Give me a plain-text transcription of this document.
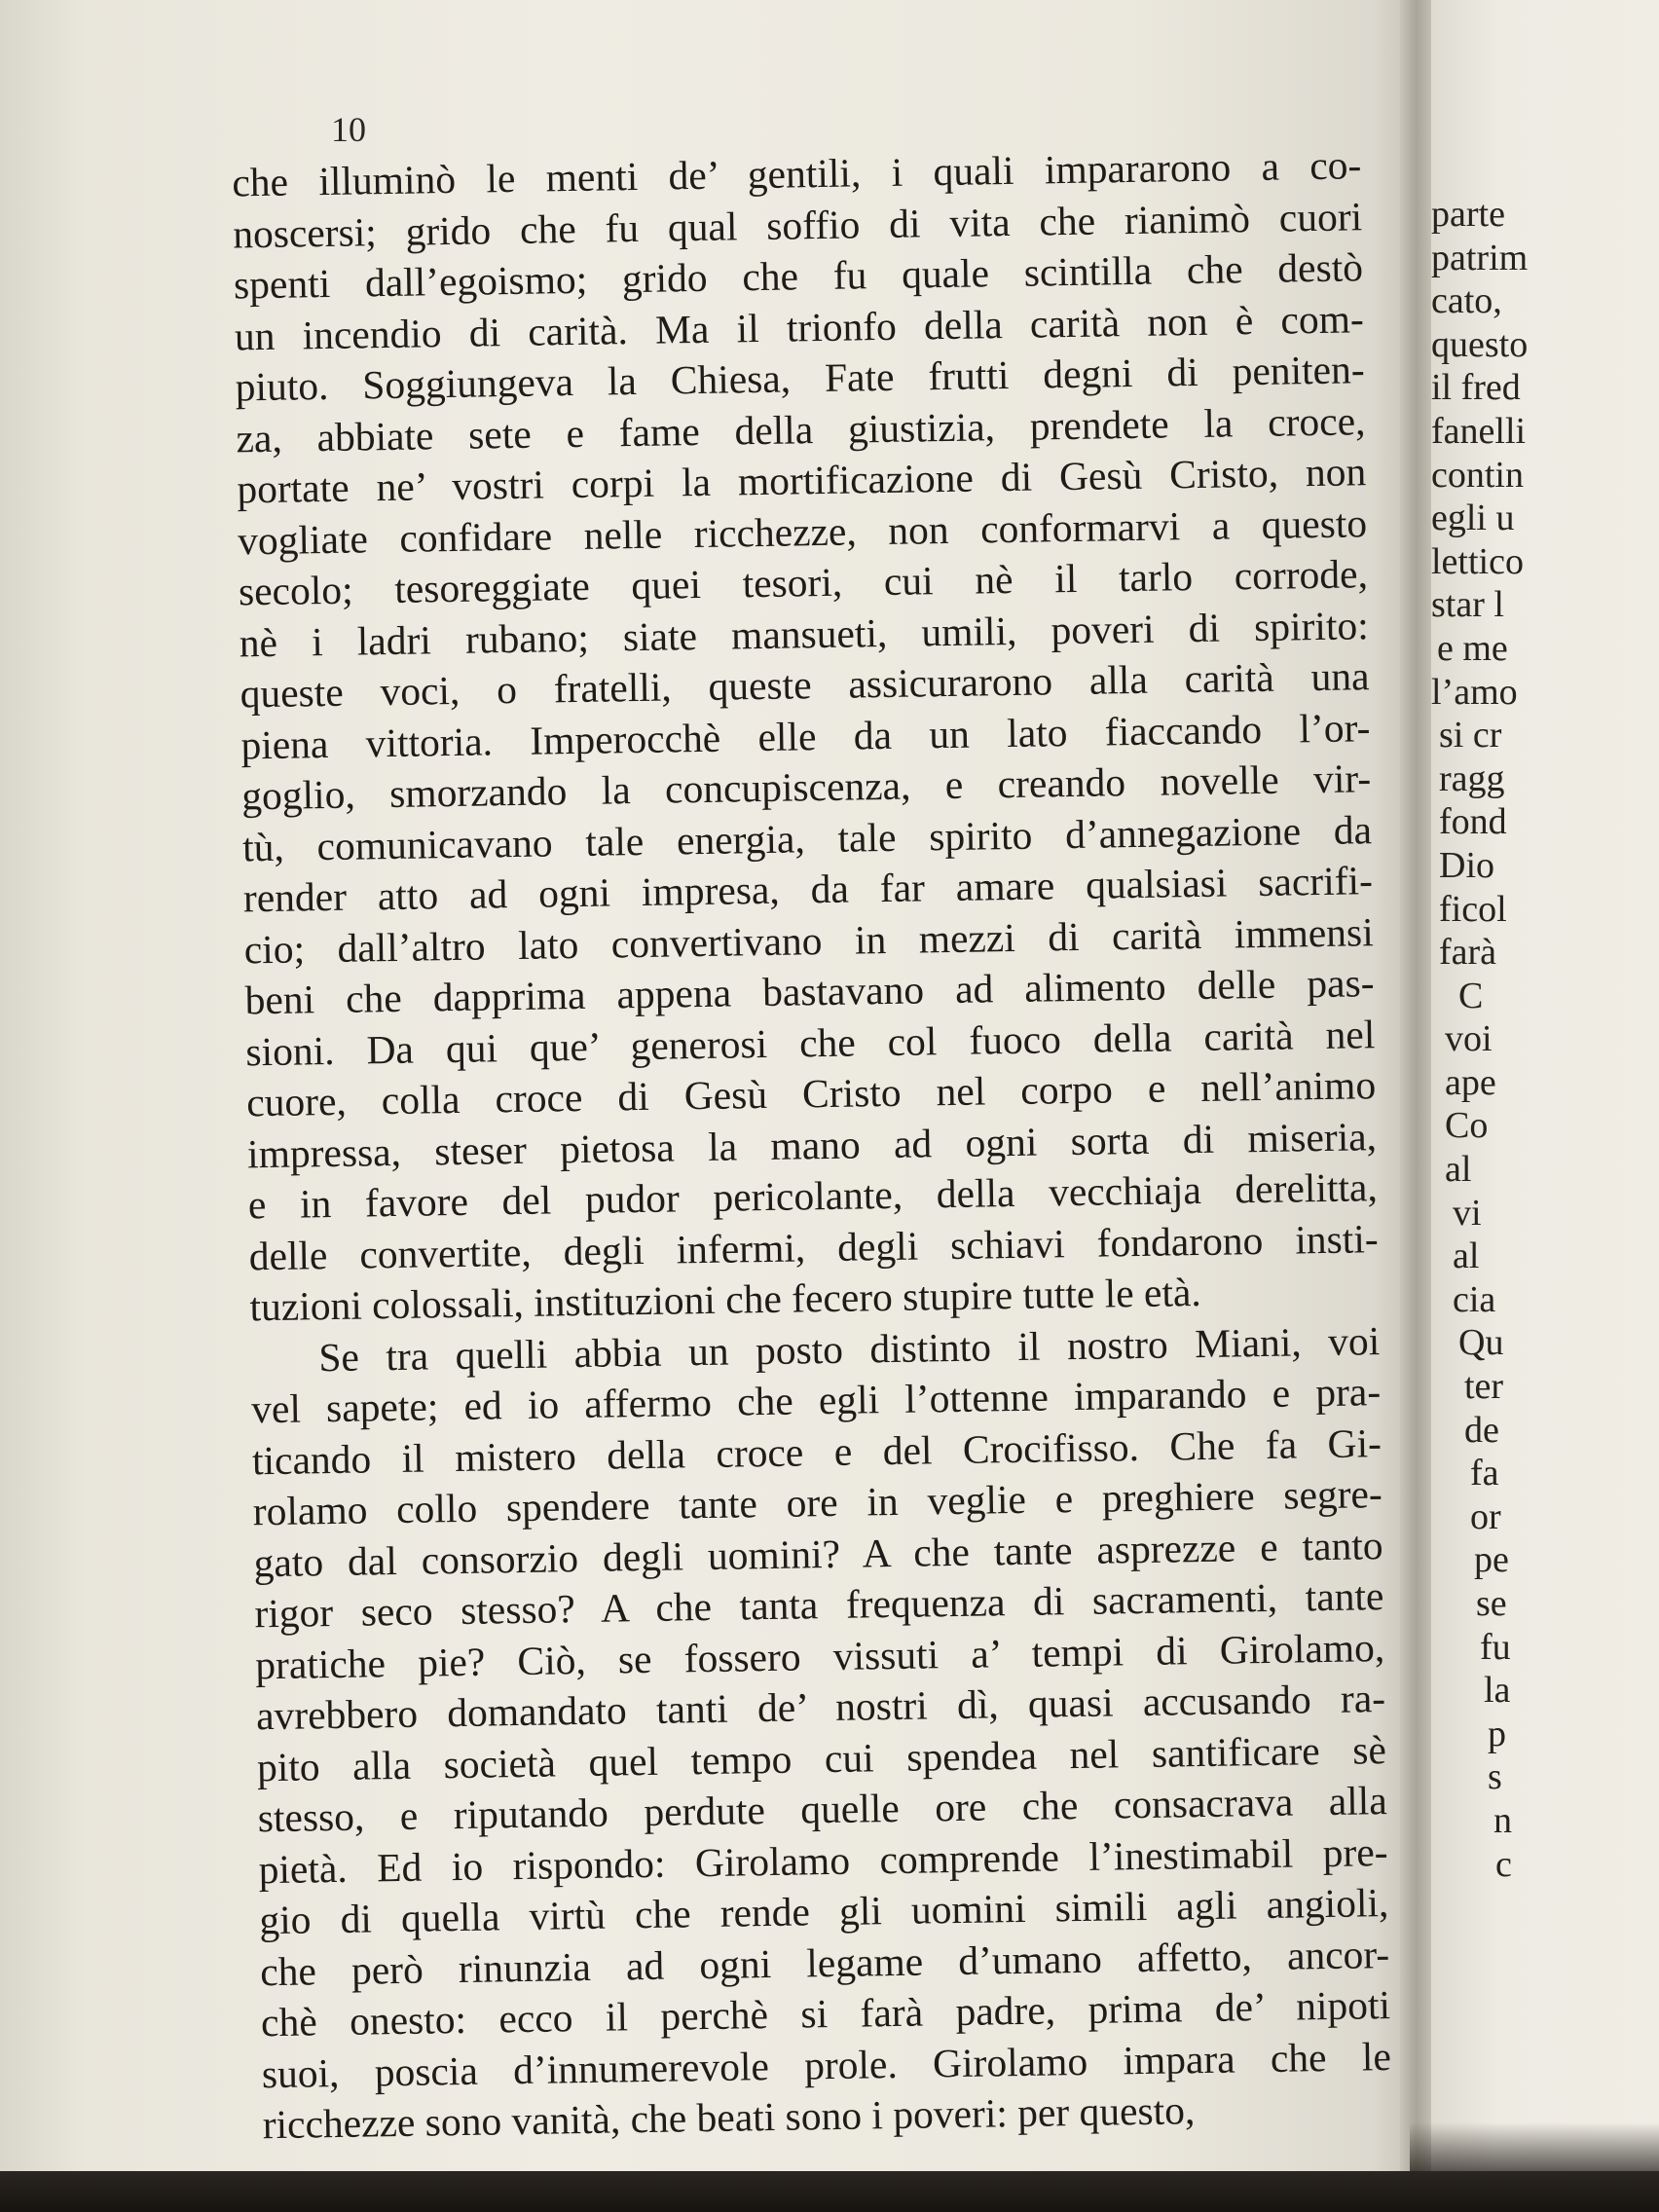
10
che illuminò le menti de’ gentili, i quali impararono a co-
noscersi; grido che fu qual soffio di vita che rianimò cuori
spenti dall’egoismo; grido che fu quale scintilla che destò
un incendio di carità. Ma il trionfo della carità non è com-
piuto. Soggiungeva la Chiesa, Fate frutti degni di peniten-
za, abbiate sete e fame della giustizia, prendete la croce,
portate ne’ vostri corpi la mortificazione di Gesù Cristo, non
vogliate confidare nelle ricchezze, non conformarvi a questo
secolo; tesoreggiate quei tesori, cui nè il tarlo corrode,
nè i ladri rubano; siate mansueti, umili, poveri di spirito:
queste voci, o fratelli, queste assicurarono alla carità una
piena vittoria. Imperocchè elle da un lato fiaccando l’or-
goglio, smorzando la concupiscenza, e creando novelle vir-
tù, comunicavano tale energia, tale spirito d’annegazione da
render atto ad ogni impresa, da far amare qualsiasi sacrifi-
cio; dall’altro lato convertivano in mezzi di carità immensi
beni che dapprima appena bastavano ad alimento delle pas-
sioni. Da qui que’ generosi che col fuoco della carità nel
cuore, colla croce di Gesù Cristo nel corpo e nell’animo
impressa, steser pietosa la mano ad ogni sorta di miseria,
e in favore del pudor pericolante, della vecchiaja derelitta,
delle convertite, degli infermi, degli schiavi fondarono insti-
tuzioni colossali, instituzioni che fecero stupire tutte le età.
Se tra quelli abbia un posto distinto il nostro Miani, voi
vel sapete; ed io affermo che egli l’ottenne imparando e pra-
ticando il mistero della croce e del Crocifisso. Che fa Gi-
rolamo collo spendere tante ore in veglie e preghiere segre-
gato dal consorzio degli uomini? A che tante asprezze e tanto
rigor seco stesso? A che tanta frequenza di sacramenti, tante
pratiche pie? Ciò, se fossero vissuti a’ tempi di Girolamo,
avrebbero domandato tanti de’ nostri dì, quasi accusando ra-
pito alla società quel tempo cui spendea nel santificare sè
stesso, e riputando perdute quelle ore che consacrava alla
pietà. Ed io rispondo: Girolamo comprende l’inestimabil pre-
gio di quella virtù che rende gli uomini simili agli angioli,
che però rinunzia ad ogni legame d’umano affetto, ancor-
chè onesto: ecco il perchè si farà padre, prima de’ nipoti
suoi, poscia d’innumerevole prole. Girolamo impara che le
ricchezze sono vanità, che beati sono i poveri: per questo,
parte
patrim
cato,
questo
il fred
fanelli
contin
egli u
lettico
star l
e me
l’amo
si cr
ragg
fond
Dio
ficol
farà
C
voi
ape
Co
al
vi
al
cia
Qu
ter
de
fa
or
pe
se
fu
la
p
s
n
c
